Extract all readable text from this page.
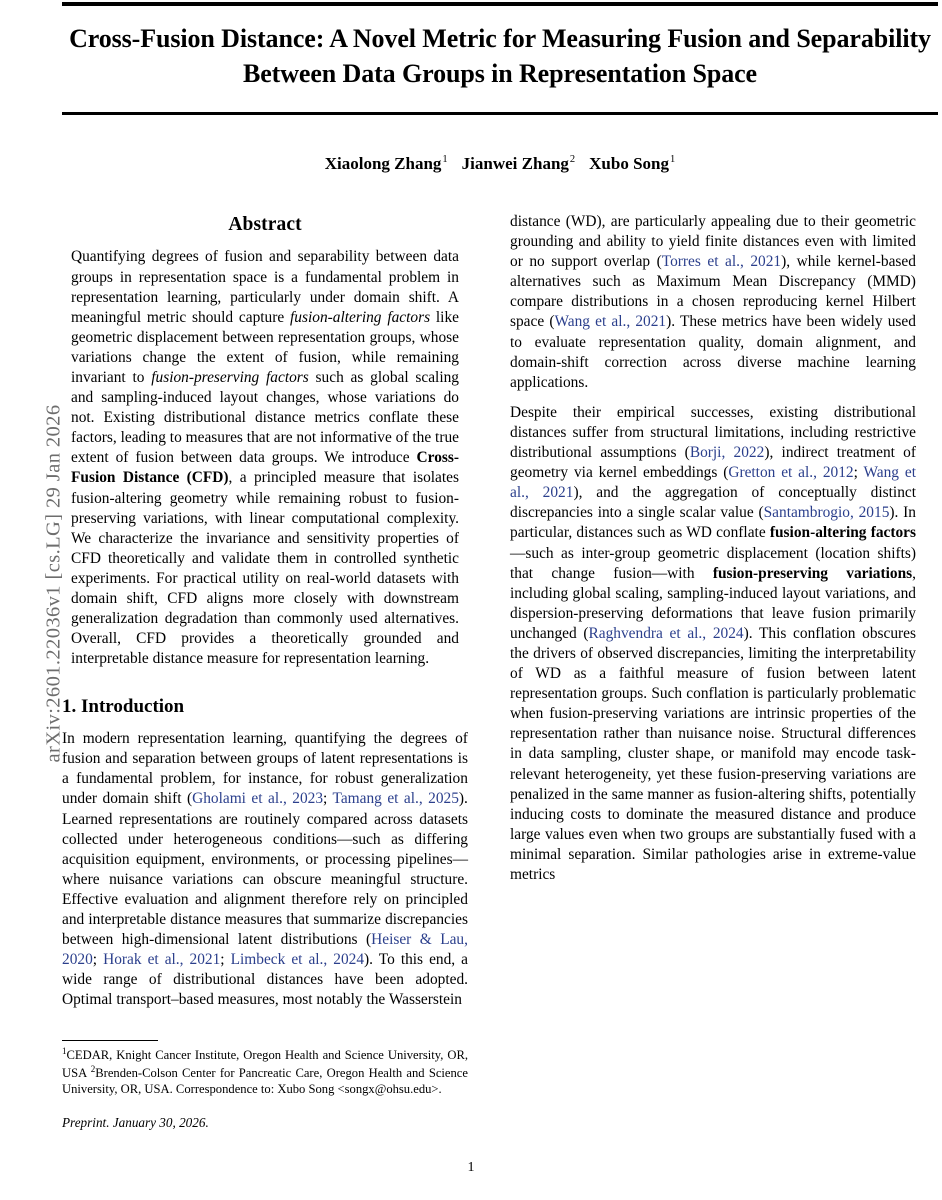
arXiv:2601.22036v1 [cs.LG] 29 Jan 2026
Cross-Fusion Distance: A Novel Metric for Measuring Fusion and Separability
Between Data Groups in Representation Space
Xiaolong Zhang$^1$ Jianwei Zhang$^2$ Xubo Song$^1$
Abstract

Quantifying degrees of fusion and separability between data groups in representation space is a fundamental problem in representation learning, particularly under domain shift. A meaningful metric should capture fusion-altering factors like geometric displacement between representation groups, whose variations change the extent of fusion, while remaining invariant to fusion-preserving factors such as global scaling and sampling-induced layout changes, whose variations do not. Existing distributional distance metrics conflate these factors, leading to measures that are not informative of the true extent of fusion between data groups. We introduce Cross-Fusion Distance (CFD), a principled measure that isolates fusion-altering geometry while remaining robust to fusion-preserving variations, with linear computational complexity. We characterize the invariance and sensitivity properties of CFD theoretically and validate them in controlled synthetic experiments. For practical utility on real-world datasets with domain shift, CFD aligns more closely with downstream generalization degradation than commonly used alternatives. Overall, CFD provides a theoretically grounded and interpretable distance measure for representation learning.

1. Introduction

In modern representation learning, quantifying the degrees of fusion and separation between groups of latent representations is a fundamental problem, for instance, for robust generalization under domain shift (Gholami et al., 2023; Tamang et al., 2025). Learned representations are routinely compared across datasets collected under heterogeneous conditions—such as differing acquisition equipment, environments, or processing pipelines—where nuisance variations can obscure meaningful structure. Effective evaluation and alignment therefore rely on principled and interpretable distance measures that summarize discrepancies between high-dimensional latent distributions (Heiser & Lau, 2020; Horak et al., 2021; Limbeck et al., 2024). To this end, a wide range of distributional distances have been adopted. Optimal transport–based measures, most notably the Wasserstein

distance (WD), are particularly appealing due to their geometric grounding and ability to yield finite distances even with limited or no support overlap (Torres et al., 2021), while kernel-based alternatives such as Maximum Mean Discrepancy (MMD) compare distributions in a chosen reproducing kernel Hilbert space (Wang et al., 2021). These metrics have been widely used to evaluate representation quality, domain alignment, and domain-shift correction across diverse machine learning applications.

Despite their empirical successes, existing distributional distances suffer from structural limitations, including restrictive distributional assumptions (Borji, 2022), indirect treatment of geometry via kernel embeddings (Gretton et al., 2012; Wang et al., 2021), and the aggregation of conceptually distinct discrepancies into a single scalar value (Santambrogio, 2015). In particular, distances such as WD conflate fusion-altering factors—such as inter-group geometric displacement (location shifts) that change fusion—with fusion-preserving variations, including global scaling, sampling-induced layout variations, and dispersion-preserving deformations that leave fusion primarily unchanged (Raghvendra et al., 2024). This conflation obscures the drivers of observed discrepancies, limiting the interpretability of WD as a faithful measure of fusion between latent representation groups. Such conflation is particularly problematic when fusion-preserving variations are intrinsic properties of the representation rather than nuisance noise. Structural differences in data sampling, cluster shape, or manifold may encode task-relevant heterogeneity, yet these fusion-preserving variations are penalized in the same manner as fusion-altering shifts, potentially inducing costs to dominate the measured distance and produce large values even when two groups are substantially fused with a minimal separation. Similar pathologies arise in extreme-value metrics

$^1$CEDAR, Knight Cancer Institute, Oregon Health and Science University, OR, USA $^2$Brenden-Colson Center for Pancreatic Care, Oregon Health and Science University, OR, USA. Correspondence to: Xubo Song <songx@ohsu.edu>.

Preprint. January 30, 2026.
1
